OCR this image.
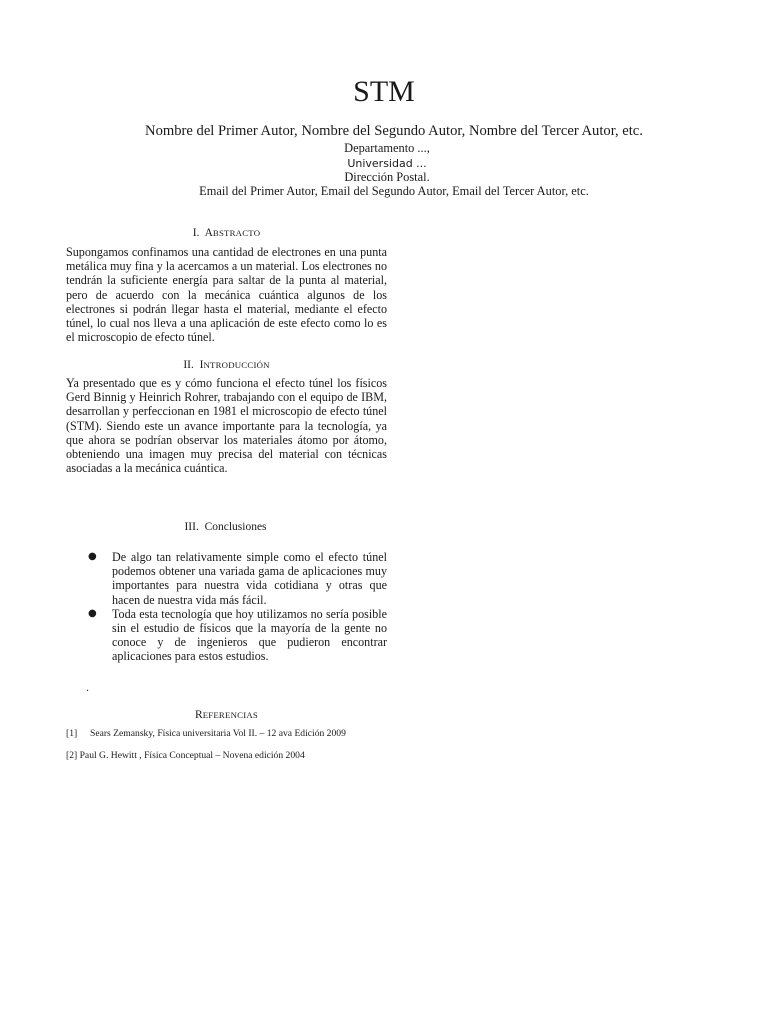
STM
Nombre del Primer Autor, Nombre del Segundo Autor, Nombre del Tercer Autor, etc.
Departamento ...,
Universidad ...
Dirección Postal.
Email del Primer Autor, Email del Segundo Autor, Email del Tercer Autor, etc.
I. ABSTRACTO
Supongamos confinamos una cantidad de electrones en una punta metálica muy fina y la acercamos a un material. Los electrones no tendrán la suficiente energía para saltar de la punta al material, pero de acuerdo con la mecánica cuántica algunos de los electrones si podrán llegar hasta el material, mediante el efecto túnel, lo cual nos lleva a una aplicación de este efecto como lo es el microscopio de efecto túnel.
II. INTRODUCCIÓN
Ya presentado que es y cómo funciona el efecto túnel los físicos Gerd Binnig y Heinrich Rohrer, trabajando con el equipo de IBM, desarrollan y perfeccionan en 1981 el microscopio de efecto túnel (STM). Siendo este un avance importante para la tecnología, ya que ahora se podrían observar los materiales átomo por átomo, obteniendo una imagen muy precisa del material con técnicas asociadas a la mecánica cuántica.
III. Conclusiones
● De algo tan relativamente simple como el efecto túnel podemos obtener una variada gama de aplicaciones muy importantes para nuestra vida cotidiana y otras que hacen de nuestra vida más fácil.
● Toda esta tecnología que hoy utilizamos no sería posible sin el estudio de físicos que la mayoría de la gente no conoce y de ingenieros que pudieron encontrar aplicaciones para estos estudios.
.
REFERENCIAS
[1] Sears Zemansky, Física universitaria Vol II. – 12 ava Edición 2009
[2] Paul G. Hewitt , Física Conceptual – Novena edición 2004
